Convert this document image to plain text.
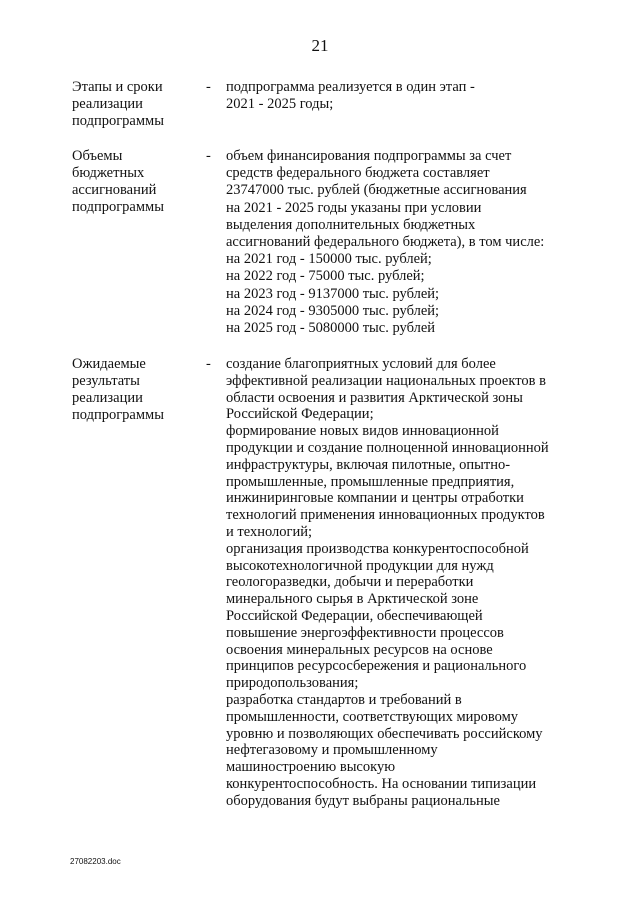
21
Этапы и сроки
реализации
подпрограммы
- подпрограмма реализуется в один этап -
2021 - 2025 годы;
Объемы
бюджетных
ассигнований
подпрограммы
- объем финансирования подпрограммы за счет
средств федерального бюджета составляет
23747000 тыс. рублей (бюджетные ассигнования
на 2021 - 2025 годы указаны при условии
выделения дополнительных бюджетных
ассигнований федерального бюджета), в том числе:
на 2021 год - 150000 тыс. рублей;
на 2022 год - 75000 тыс. рублей;
на 2023 год - 9137000 тыс. рублей;
на 2024 год - 9305000 тыс. рублей;
на 2025 год - 5080000 тыс. рублей
Ожидаемые
результаты
реализации
подпрограммы
- создание благоприятных условий для более
эффективной реализации национальных проектов в
области освоения и развития Арктической зоны
Российской Федерации;
формирование новых видов инновационной
продукции и создание полноценной инновационной
инфраструктуры, включая пилотные, опытно-
промышленные, промышленные предприятия,
инжиниринговые компании и центры отработки
технологий применения инновационных продуктов
и технологий;
организация производства конкурентоспособной
высокотехнологичной продукции для нужд
геологоразведки, добычи и переработки
минерального сырья в Арктической зоне
Российской Федерации, обеспечивающей
повышение энергоэффективности процессов
освоения минеральных ресурсов на основе
принципов ресурсосбережения и рационального
природопользования;
разработка стандартов и требований в
промышленности, соответствующих мировому
уровню и позволяющих обеспечивать российскому
нефтегазовому и промышленному
машиностроению высокую
конкурентоспособность. На основании типизации
оборудования будут выбраны рациональные
27082203.doc
